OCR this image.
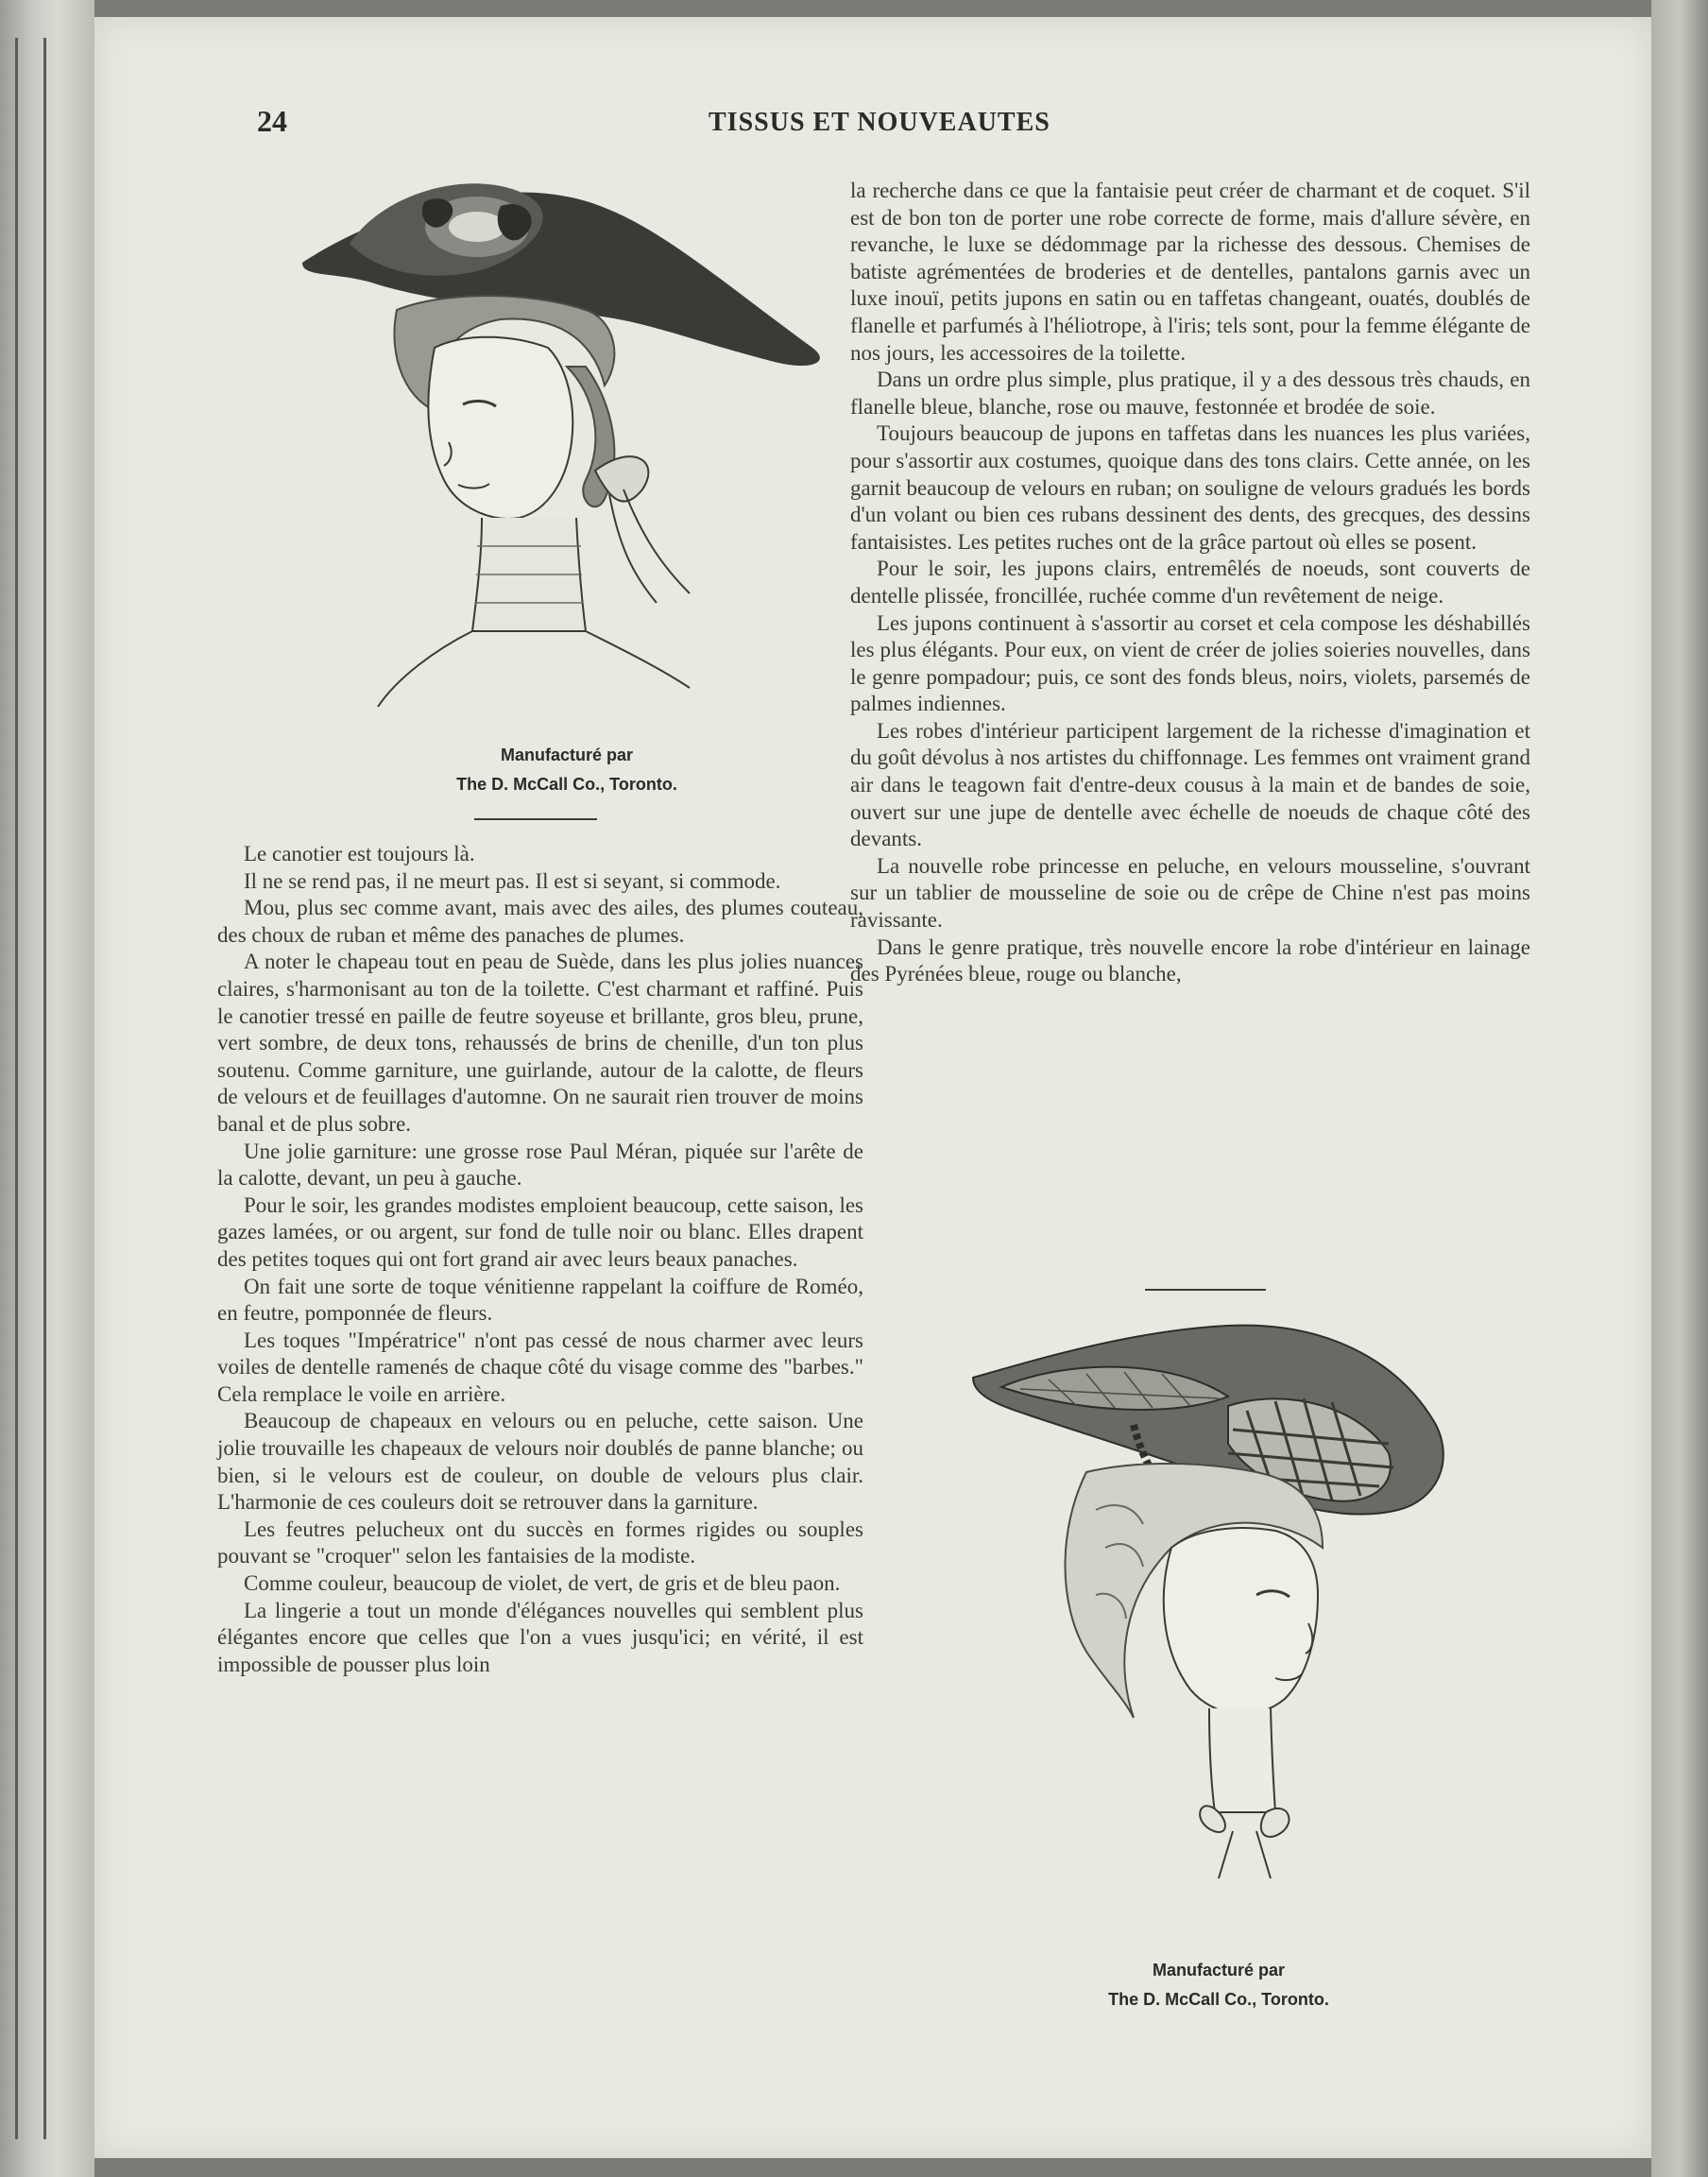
24	TISSUS ET NOUVEAUTES
Manufacturé par
The D. McCall Co., Toronto.

Le canotier est toujours là.

Il ne se rend pas, il ne meurt pas. Il est si seyant, si commode.

Mou, plus sec comme avant, mais avec des ailes, des plumes couteau, des choux de ruban et même des panaches de plumes.

A noter le chapeau tout en peau de Suède, dans les plus jolies nuances claires, s'harmonisant au ton de la toilette. C'est charmant et raffiné. Puis le canotier tressé en paille de feutre soyeuse et brillante, gros bleu, prune, vert sombre, de deux tons, rehaussés de brins de chenille, d'un ton plus soutenu. Comme garniture, une guirlande, autour de la calotte, de fleurs de velours et de feuillages d'automne. On ne saurait rien trouver de moins banal et de plus sobre.

Une jolie garniture: une grosse rose Paul Méran, piquée sur l'arête de la calotte, devant, un peu à gauche.

Pour le soir, les grandes modistes emploient beaucoup, cette saison, les gazes lamées, or ou argent, sur fond de tulle noir ou blanc. Elles drapent des petites toques qui ont fort grand air avec leurs beaux panaches.

On fait une sorte de toque vénitienne rappelant la coiffure de Roméo, en feutre, pomponnée de fleurs.

Les toques "Impératrice" n'ont pas cessé de nous charmer avec leurs voiles de dentelle ramenés de chaque côté du visage comme des "barbes." Cela remplace le voile en arrière.

Beaucoup de chapeaux en velours ou en peluche, cette saison. Une jolie trouvaille les chapeaux de velours noir doublés de panne blanche; ou bien, si le velours est de couleur, on double de velours plus clair. L'harmonie de ces couleurs doit se retrouver dans la garniture.

Les feutres pelucheux ont du succès en formes rigides ou souples pouvant se "croquer" selon les fantaisies de la modiste.

Comme couleur, beaucoup de violet, de vert, de gris et de bleu paon.

La lingerie a tout un monde d'élégances nouvelles qui semblent plus élégantes encore que celles que l'on a vues jusqu'ici; en vérité, il est impossible de pousser plus loin

la recherche dans ce que la fantaisie peut créer de charmant et de coquet. S'il est de bon ton de porter une robe correcte de forme, mais d'allure sévère, en revanche, le luxe se dédommage par la richesse des dessous. Chemises de batiste agrémentées de broderies et de dentelles, pantalons garnis avec un luxe inouï, petits jupons en satin ou en taffetas changeant, ouatés, doublés de flanelle et parfumés à l'héliotrope, à l'iris; tels sont, pour la femme élégante de nos jours, les accessoires de la toilette.

Dans un ordre plus simple, plus pratique, il y a des dessous très chauds, en flanelle bleue, blanche, rose ou mauve, festonnée et brodée de soie.

Toujours beaucoup de jupons en taffetas dans les nuances les plus variées, pour s'assortir aux costumes, quoique dans des tons clairs. Cette année, on les garnit beaucoup de velours en ruban; on souligne de velours gradués les bords d'un volant ou bien ces rubans dessinent des dents, des grecques, des dessins fantaisistes. Les petites ruches ont de la grâce partout où elles se posent.

Pour le soir, les jupons clairs, entremêlés de noeuds, sont couverts de dentelle plissée, froncillée, ruchée comme d'un revêtement de neige.

Les jupons continuent à s'assortir au corset et cela compose les déshabillés les plus élégants. Pour eux, on vient de créer de jolies soieries nouvelles, dans le genre pompadour; puis, ce sont des fonds bleus, noirs, violets, parsemés de palmes indiennes.

Les robes d'intérieur participent largement de la richesse d'imagination et du goût dévolus à nos artistes du chiffonnage. Les femmes ont vraiment grand air dans le teagown fait d'entre-deux cousus à la main et de bandes de soie, ouvert sur une jupe de dentelle avec échelle de noeuds de chaque côté des devants.

La nouvelle robe princesse en peluche, en velours mousseline, s'ouvrant sur un tablier de mousseline de soie ou de crêpe de Chine n'est pas moins ravissante.

Dans le genre pratique, très nouvelle encore la robe d'intérieur en lainage des Pyrénées bleue, rouge ou blanche,

Manufacturé par
The D. McCall Co., Toronto.
